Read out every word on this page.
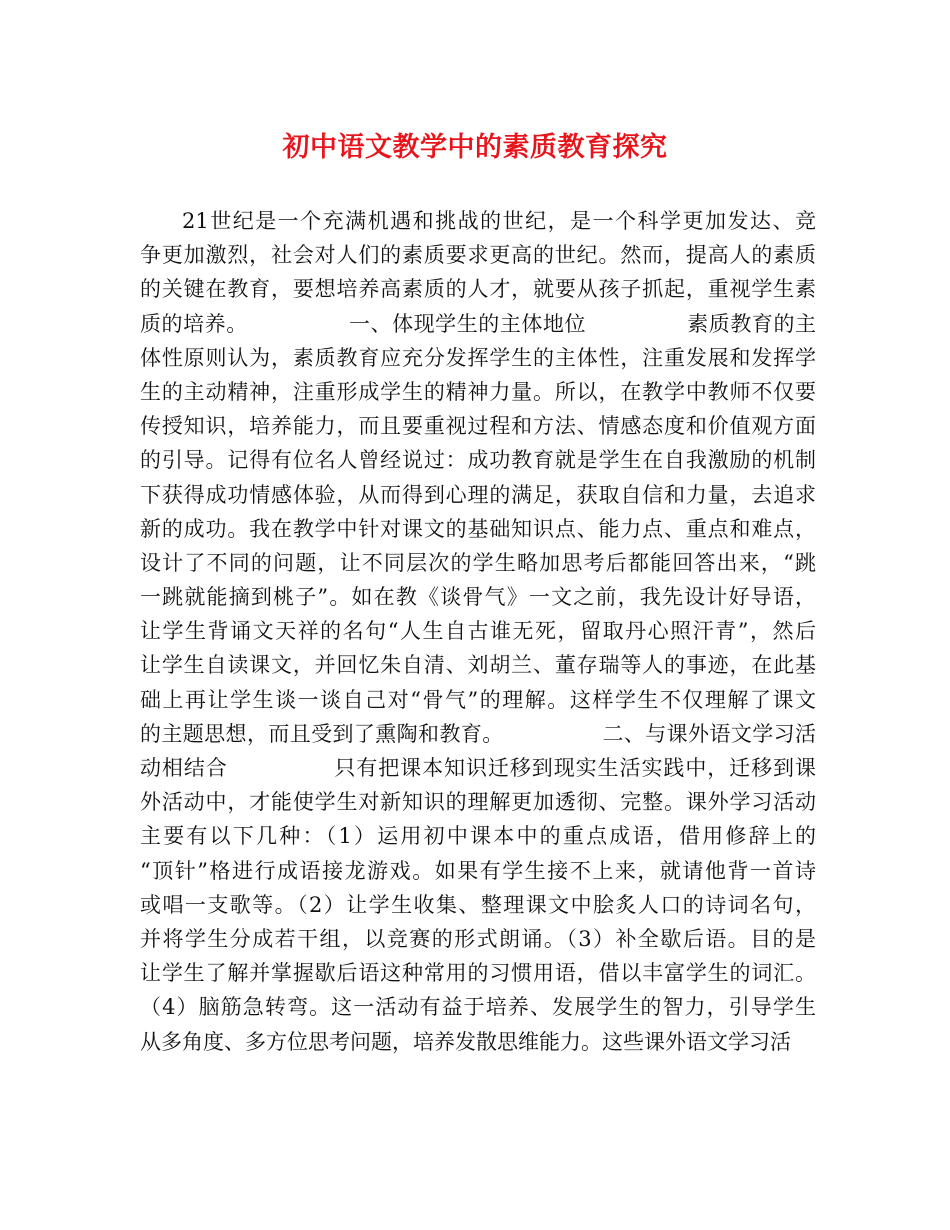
初中语文教学中的素质教育探究
21世纪是一个充满机遇和挑战的世纪，是一个科学更加发达、竞
争更加激烈，社会对人们的素质要求更高的世纪。然而，提高人的素质
的关键在教育，要想培养高素质的人才，就要从孩子抓起，重视学生素
质的培养。              一、体现学生的主体地位              素质教育的主
体性原则认为，素质教育应充分发挥学生的主体性，注重发展和发挥学
生的主动精神，注重形成学生的精神力量。所以，在教学中教师不仅要
传授知识，培养能力，而且要重视过程和方法、情感态度和价值观方面
的引导。记得有位名人曾经说过：成功教育就是学生在自我激励的机制
下获得成功情感体验，从而得到心理的满足，获取自信和力量，去追求
新的成功。我在教学中针对课文的基础知识点、能力点、重点和难点，
设计了不同的问题，让不同层次的学生略加思考后都能回答出来，“跳
一跳就能摘到桃子”。如在教《谈骨气》一文之前，我先设计好导语，
让学生背诵文天祥的名句“人生自古谁无死，留取丹心照汗青”，然后
让学生自读课文，并回忆朱自清、刘胡兰、董存瑞等人的事迹，在此基
础上再让学生谈一谈自己对“骨气”的理解。这样学生不仅理解了课文
的主题思想，而且受到了熏陶和教育。              二、与课外语文学习活
动相结合              只有把课本知识迁移到现实生活实践中，迁移到课
外活动中，才能使学生对新知识的理解更加透彻、完整。课外学习活动
主要有以下几种：（1）运用初中课本中的重点成语，借用修辞上的
“顶针”格进行成语接龙游戏。如果有学生接不上来，就请他背一首诗
或唱一支歌等。（2）让学生收集、整理课文中脍炙人口的诗词名句，
并将学生分成若干组，以竞赛的形式朗诵。（3）补全歇后语。目的是
让学生了解并掌握歇后语这种常用的习惯用语，借以丰富学生的词汇。
（4）脑筋急转弯。这一活动有益于培养、发展学生的智力，引导学生
从多角度、多方位思考问题，培养发散思维能力。这些课外语文学习活
